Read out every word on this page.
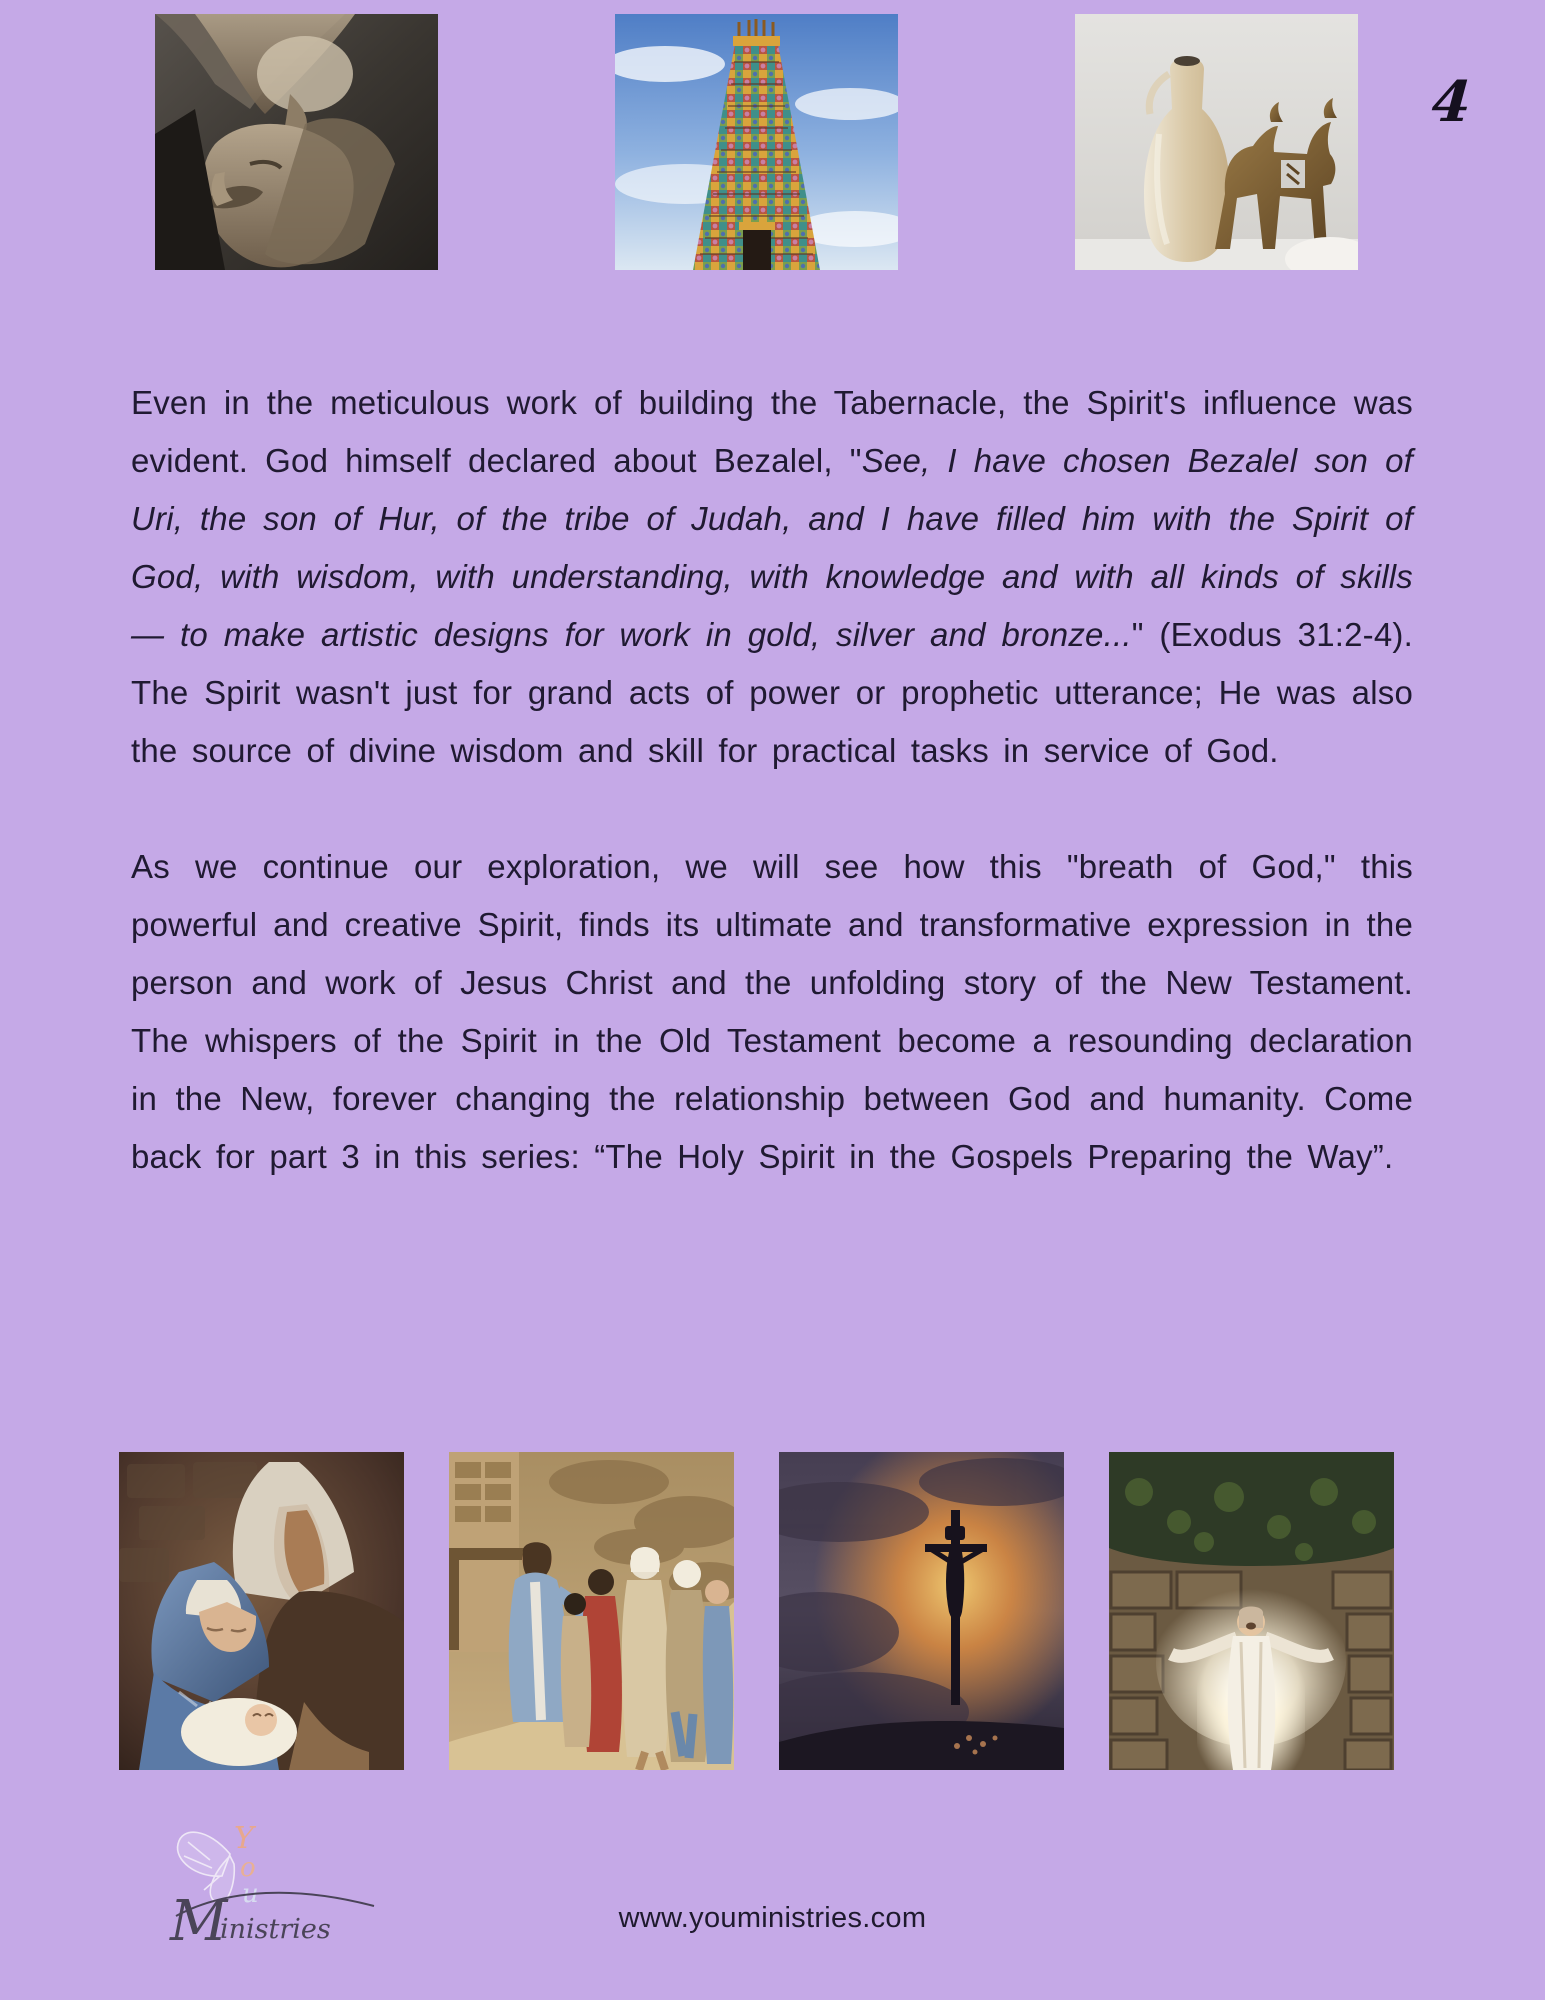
4

Even in the meticulous work of building the Tabernacle, the Spirit's influence was evident. God himself declared about Bezalel, "See, I have chosen Bezalel son of Uri, the son of Hur, of the tribe of Judah, and I have filled him with the Spirit of God, with wisdom, with understanding, with knowledge and with all kinds of skills— to make artistic designs for work in gold, silver and bronze..." (Exodus 31:2-4). The Spirit wasn't just for grand acts of power or prophetic utterance; He was also the source of divine wisdom and skill for practical tasks in service of God.

As we continue our exploration, we will see how this "breath of God," this powerful and creative Spirit, finds its ultimate and transformative expression in the person and work of Jesus Christ and the unfolding story of the New Testament. The whispers of the Spirit in the Old Testament become a resounding declaration in the New, forever changing the relationship between God and humanity. Come back for part 3 in this series: “The Holy Spirit in the Gospels Preparing the Way”.

Y
o
u
M
inistries	www.youministries.com
